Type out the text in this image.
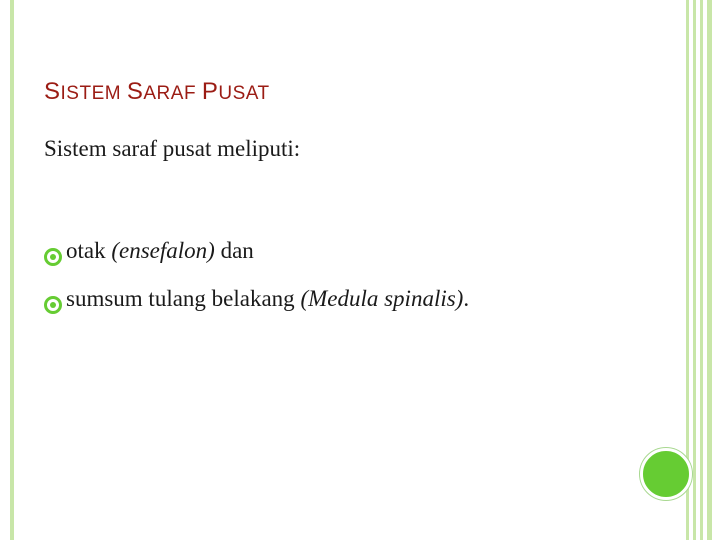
SISTEM SARAF PUSAT
Sistem saraf pusat meliputi:
otak (ensefalon) dan
sumsum tulang belakang (Medula spinalis).
